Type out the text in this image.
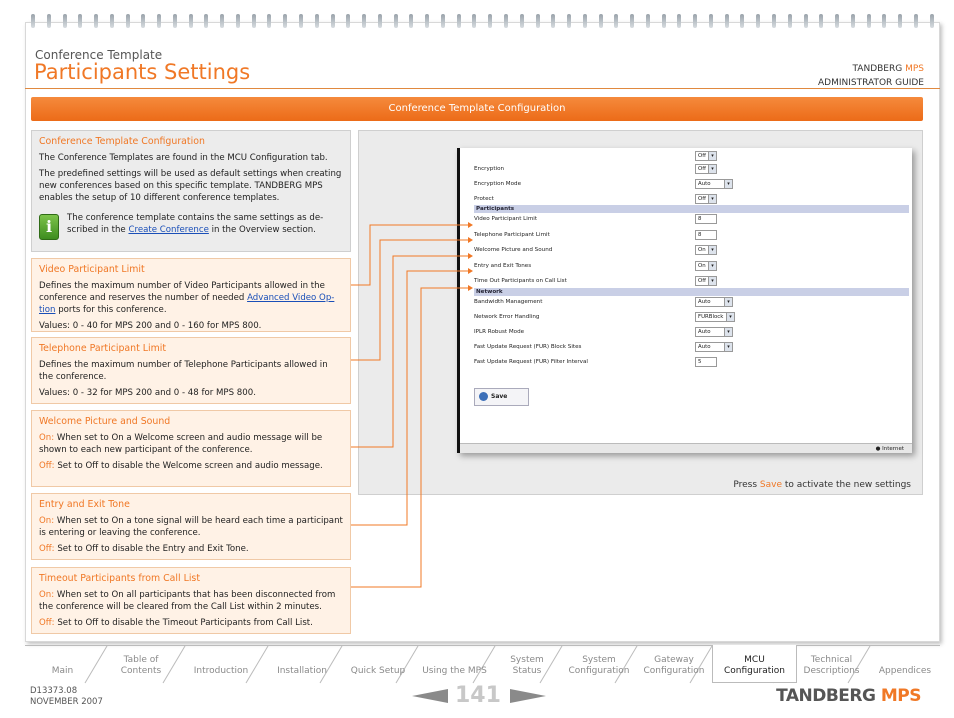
Conference Template
Participants Settings	TANDBERG MPS
ADMINISTRATOR GUIDE
Conference Template Configuration
Conference Template Configuration

The Conference Templates are found in the MCU Configuration tab.

The predefined settings will be used as default settings when creating new conferences based on this specific template. TANDBERG MPS enables the setup of 10 different conference templates.

i	The conference template contains the same settings as de-scribed in the Create Conference in the Overview section.
Video Participant Limit

Defines the maximum number of Video Participants allowed in the conference and reserves the number of needed Advanced Video Op-tion ports for this conference.

Values: 0 - 40 for MPS 200 and 0 - 160 for MPS 800.

Telephone Participant Limit

Defines the maximum number of Telephone Participants allowed in the conference.

Values: 0 - 32 for MPS 200 and 0 - 48 for MPS 800.

Welcome Picture and Sound

On: When set to On a Welcome screen and audio message will be shown to each new participant of the conference.

Off: Set to Off to disable the Welcome screen and audio message.

Entry and Exit Tone

On: When set to On a tone signal will be heard each time a participant is entering or leaving the conference.

Off: Set to Off to disable the Entry and Exit Tone.

Timeout Participants from Call List

On: When set to On all participants that has been disconnected from the conference will be cleared from the Call List within 2 minutes.

Off: Set to Off to disable the Timeout Participants from Call List.

Save
● Internet
Off	▾
Encryption	Off	▾
Encryption Mode	Auto	▾
Protect	Off	▾
Participants
Video Participant Limit	8
Telephone Participant Limit	8
Welcome Picture and Sound	On	▾
Entry and Exit Tones	On	▾
Time Out Participants on Call List	Off	▾
Network
Bandwidth Management	Auto	▾
Network Error Handling	FURBlock	▾
IPLR Robust Mode	Auto	▾
Fast Update Request (FUR) Block Sites	Auto	▾
Fast Update Request (FUR) Filter Interval	5
Press Save to activate the new settings
Main
Table of Contents	Introduction	Installation	Quick Setup Using the MPS
System Status
System Configuration
Gateway Configuration
MCU Configuration
Technical Descriptions	Appendices
D13373.08
NOVEMBER 2007	141	TANDBERG MPS
